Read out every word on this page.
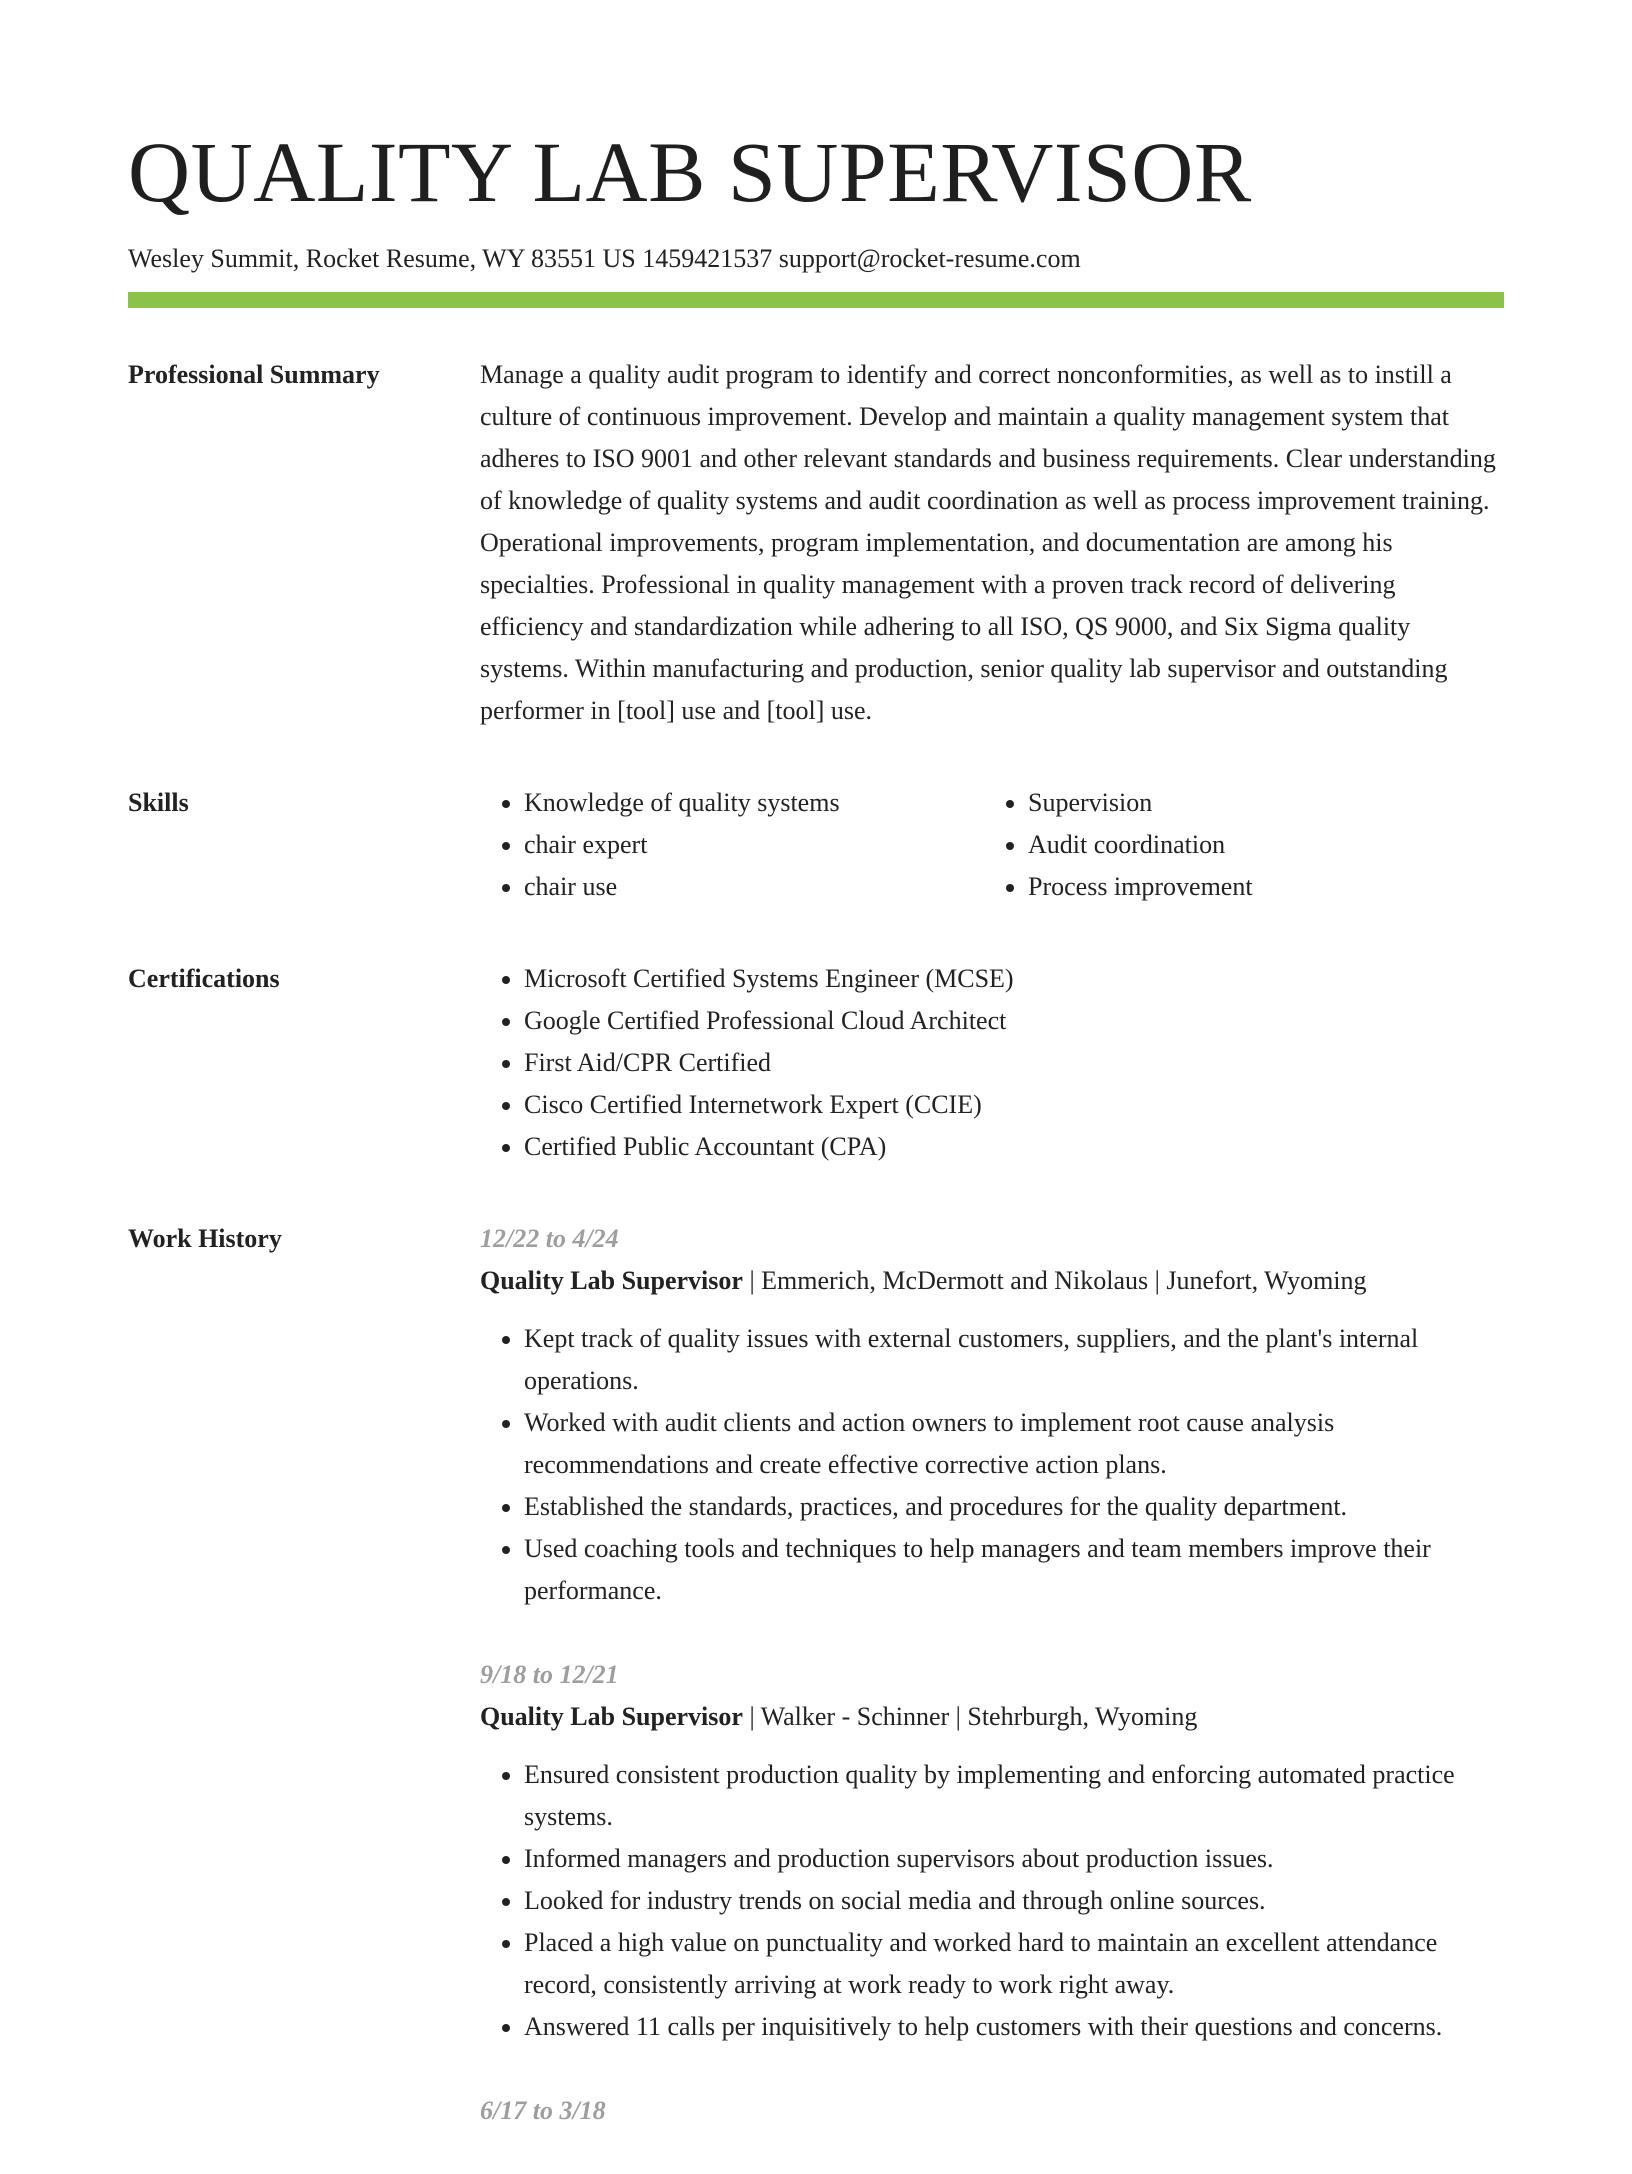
QUALITY LAB SUPERVISOR
Wesley Summit, Rocket Resume, WY 83551 US 1459421537 support@rocket-resume.com
Professional Summary	Manage a quality audit program to identify and correct nonconformities, as well as to instill a culture of continuous improvement. Develop and maintain a quality management system that adheres to ISO 9001 and other relevant standards and business requirements. Clear understanding of knowledge of quality systems and audit coordination as well as process improvement training. Operational improvements, program implementation, and documentation are among his specialties. Professional in quality management with a proven track record of delivering efficiency and standardization while adhering to all ISO, QS 9000, and Six Sigma quality systems. Within manufacturing and production, senior quality lab supervisor and outstanding performer in [tool] use and [tool] use.

Skills	• Knowledge of quality systems
• chair expert
• chair use
• Supervision
• Audit coordination
• Process improvement
Certifications	• Microsoft Certified Systems Engineer (MCSE)
• Google Certified Professional Cloud Architect
• First Aid/CPR Certified
• Cisco Certified Internetwork Expert (CCIE)
• Certified Public Accountant (CPA)
Work History	12/22 to 4/24
Quality Lab Supervisor | Emmerich, McDermott and Nikolaus | Junefort, Wyoming
• Kept track of quality issues with external customers, suppliers, and the plant's internal operations.
• Worked with audit clients and action owners to implement root cause analysis recommendations and create effective corrective action plans.
• Established the standards, practices, and procedures for the quality department.
• Used coaching tools and techniques to help managers and team members improve their performance.
9/18 to 12/21
Quality Lab Supervisor | Walker - Schinner | Stehrburgh, Wyoming
• Ensured consistent production quality by implementing and enforcing automated practice systems.
• Informed managers and production supervisors about production issues.
• Looked for industry trends on social media and through online sources.
• Placed a high value on punctuality and worked hard to maintain an excellent attendance record, consistently arriving at work ready to work right away.
• Answered 11 calls per inquisitively to help customers with their questions and concerns.
6/17 to 3/18
